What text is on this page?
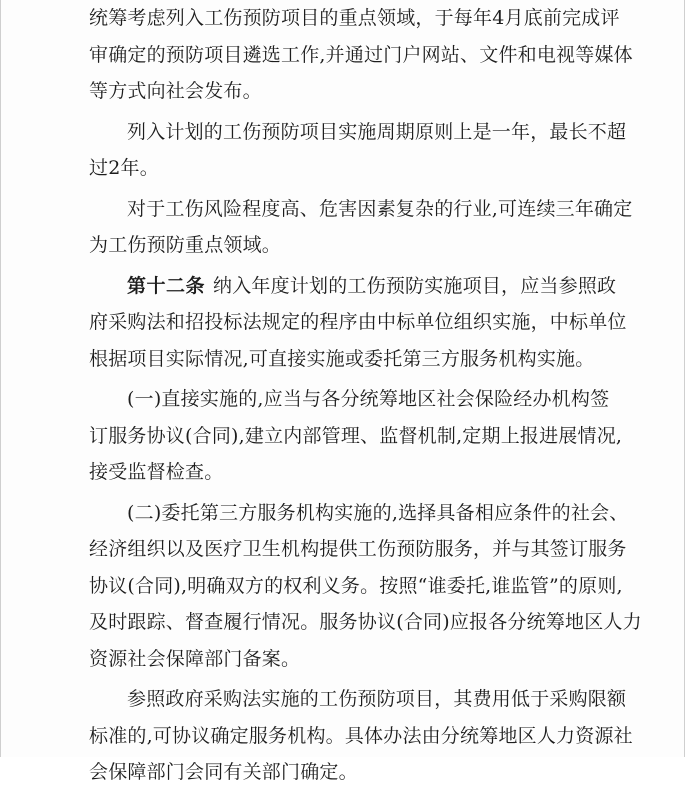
统筹考虑列入工伤预防项目的重点领域，于每年4月底前完成评
审确定的预防项目遴选工作,并通过门户网站、文件和电视等媒体
等方式向社会发布。

列入计划的工伤预防项目实施周期原则上是一年，最长不超
过2年。

对于工伤风险程度高、危害因素复杂的行业,可连续三年确定
为工伤预防重点领域。

第十二条 纳入年度计划的工伤预防实施项目，应当参照政
府采购法和招投标法规定的程序由中标单位组织实施，中标单位
根据项目实际情况,可直接实施或委托第三方服务机构实施。

(一)直接实施的,应当与各分统筹地区社会保险经办机构签
订服务协议(合同),建立内部管理、监督机制,定期上报进展情况,
接受监督检查。

(二)委托第三方服务机构实施的,选择具备相应条件的社会、
经济组织以及医疗卫生机构提供工伤预防服务，并与其签订服务
协议(合同),明确双方的权利义务。按照“谁委托,谁监管”的原则,
及时跟踪、督查履行情况。服务协议(合同)应报各分统筹地区人力
资源社会保障部门备案。

参照政府采购法实施的工伤预防项目，其费用低于采购限额
标准的,可协议确定服务机构。具体办法由分统筹地区人力资源社
会保障部门会同有关部门确定。
